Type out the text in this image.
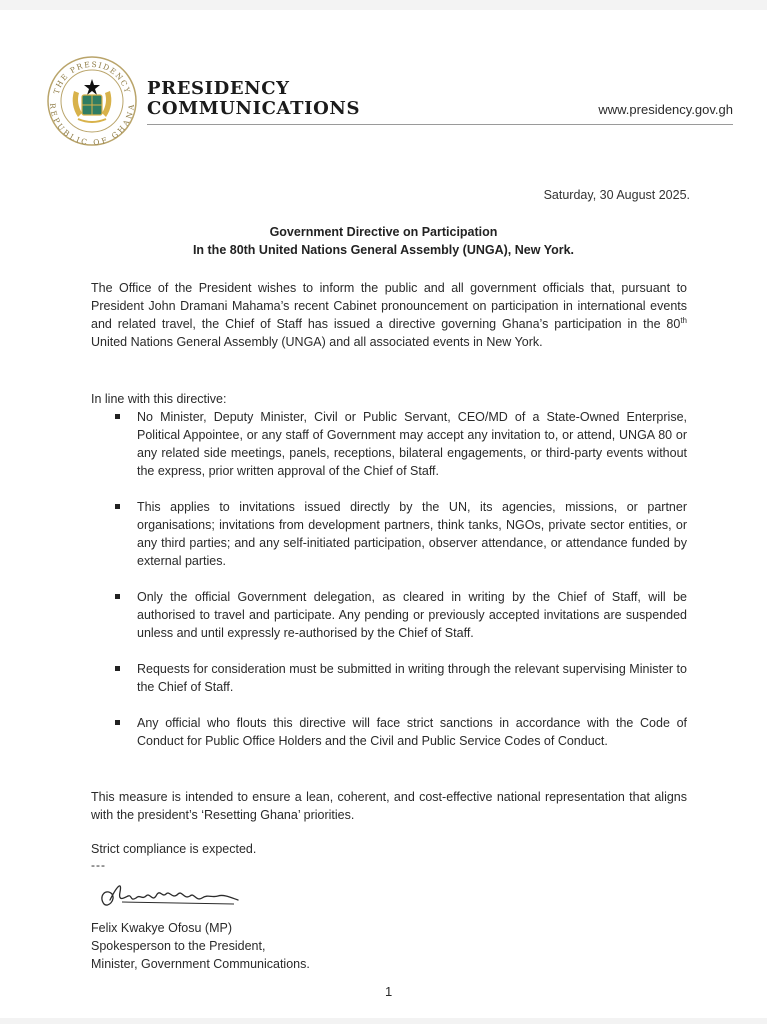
THE PRESIDENCY
REPUBLIC OF GHANA
PRESIDENCY
COMMUNICATIONS	www.presidency.gov.gh
Saturday, 30 August 2025.
Government Directive on Participation
In the 80th United Nations General Assembly (UNGA), New York.
The Office of the President wishes to inform the public and all government officials that, pursuant to President John Dramani Mahama’s recent Cabinet pronouncement on participation in international events and related travel, the Chief of Staff has issued a directive governing Ghana’s participation in the 80th United Nations General Assembly (UNGA) and all associated events in New York.
In line with this directive:
No Minister, Deputy Minister, Civil or Public Servant, CEO/MD of a State-Owned Enterprise, Political Appointee, or any staff of Government may accept any invitation to, or attend, UNGA 80 or any related side meetings, panels, receptions, bilateral engagements, or third-party events without the express, prior written approval of the Chief of Staff.
This applies to invitations issued directly by the UN, its agencies, missions, or partner organisations; invitations from development partners, think tanks, NGOs, private sector entities, or any third parties; and any self-initiated participation, observer attendance, or attendance funded by external parties.
Only the official Government delegation, as cleared in writing by the Chief of Staff, will be authorised to travel and participate. Any pending or previously accepted invitations are suspended unless and until expressly re-authorised by the Chief of Staff.
Requests for consideration must be submitted in writing through the relevant supervising Minister to the Chief of Staff.
Any official who flouts this directive will face strict sanctions in accordance with the Code of Conduct for Public Office Holders and the Civil and Public Service Codes of Conduct.
This measure is intended to ensure a lean, coherent, and cost-effective national representation that aligns with the president’s ‘Resetting Ghana’ priorities.
Strict compliance is expected.
---
Felix Kwakye Ofosu (MP)
Spokesperson to the President,
Minister, Government Communications.
1
